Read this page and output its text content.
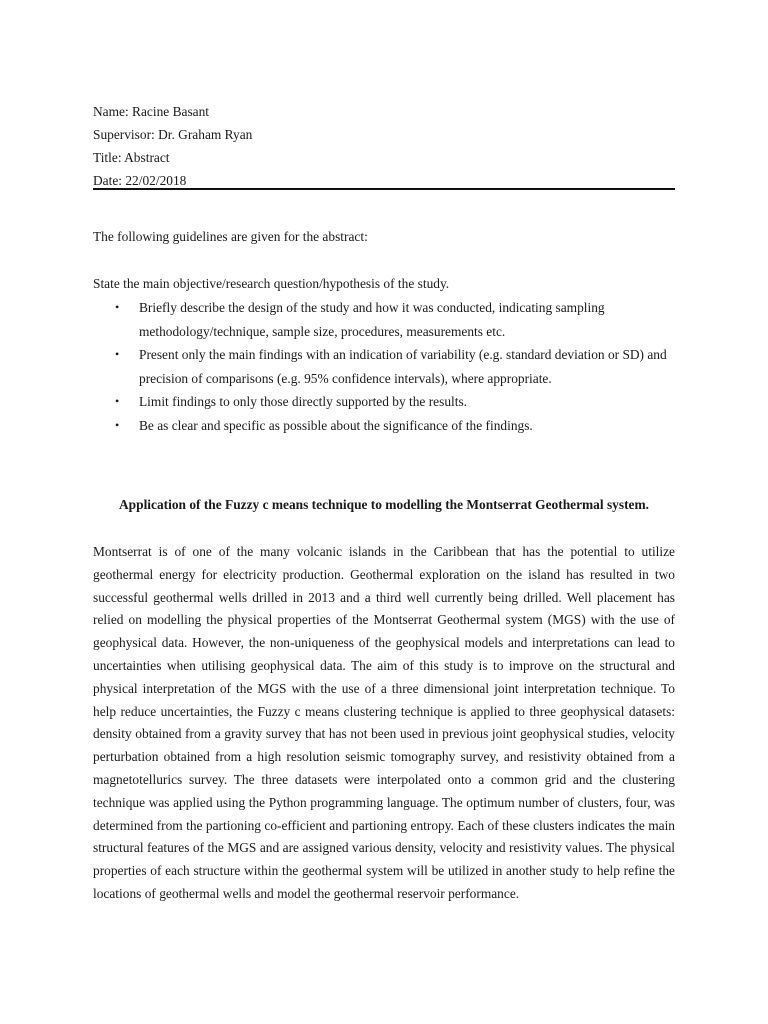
Name: Racine Basant
Supervisor: Dr. Graham Ryan
Title: Abstract
Date: 22/02/2018
The following guidelines are given for the abstract:
State the main objective/research question/hypothesis of the study.
• Briefly describe the design of the study and how it was conducted, indicating sampling methodology/technique, sample size, procedures, measurements etc.
• Present only the main findings with an indication of variability (e.g. standard deviation or SD) and precision of comparisons (e.g. 95% confidence intervals), where appropriate.
• Limit findings to only those directly supported by the results.
• Be as clear and specific as possible about the significance of the findings.
Application of the Fuzzy c means technique to modelling the Montserrat Geothermal system.

Montserrat is of one of the many volcanic islands in the Caribbean that has the potential to utilize geothermal energy for electricity production. Geothermal exploration on the island has resulted in two successful geothermal wells drilled in 2013 and a third well currently being drilled. Well placement has relied on modelling the physical properties of the Montserrat Geothermal system (MGS) with the use of geophysical data. However, the non-uniqueness of the geophysical models and interpretations can lead to uncertainties when utilising geophysical data. The aim of this study is to improve on the structural and physical interpretation of the MGS with the use of a three dimensional joint interpretation technique. To help reduce uncertainties, the Fuzzy c means clustering technique is applied to three geophysical datasets: density obtained from a gravity survey that has not been used in previous joint geophysical studies, velocity perturbation obtained from a high resolution seismic tomography survey, and resistivity obtained from a magnetotellurics survey. The three datasets were interpolated onto a common grid and the clustering technique was applied using the Python programming language. The optimum number of clusters, four, was determined from the partioning co-efficient and partioning entropy. Each of these clusters indicates the main structural features of the MGS and are assigned various density, velocity and resistivity values. The physical properties of each structure within the geothermal system will be utilized in another study to help refine the locations of geothermal wells and model the geothermal reservoir performance.
